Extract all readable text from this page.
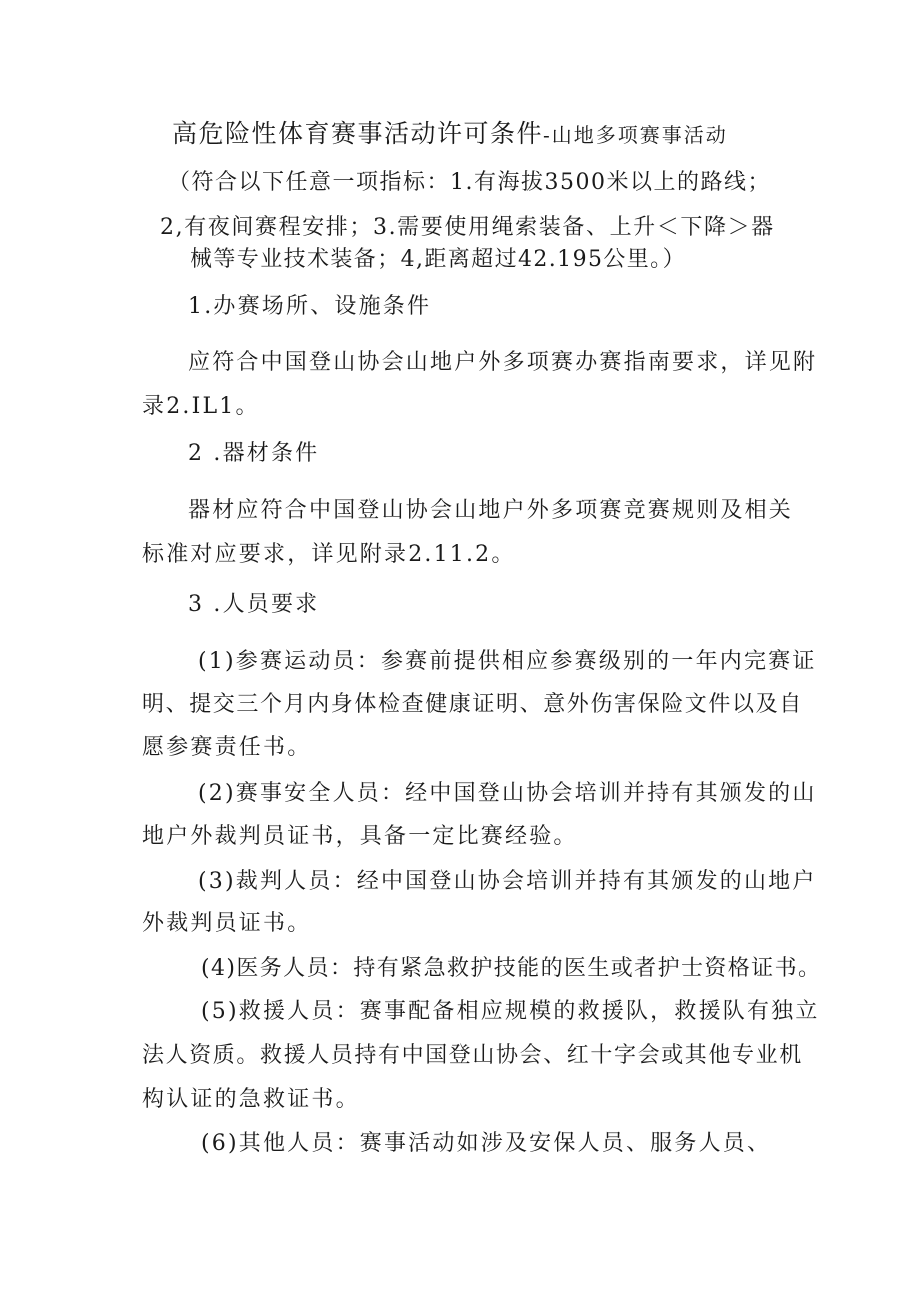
高危险性体育赛事活动许可条件-山地多项赛事活动
（符合以下任意一项指标：1.有海拔3500米以上的路线；
2,有夜间赛程安排；3.需要使用绳索装备、上升＜下降＞器
械等专业技术装备；4,距离超过42.195公里。）
1.办赛场所、设施条件
应符合中国登山协会山地户外多项赛办赛指南要求，详见附
录2.IL1。
2 .器材条件
器材应符合中国登山协会山地户外多项赛竞赛规则及相关
标准对应要求，详见附录2.11.2。
3 .人员要求
(1)参赛运动员：参赛前提供相应参赛级别的一年内完赛证
明、提交三个月内身体检查健康证明、意外伤害保险文件以及自
愿参赛责任书。
(2)赛事安全人员：经中国登山协会培训并持有其颁发的山
地户外裁判员证书，具备一定比赛经验。
(3)裁判人员：经中国登山协会培训并持有其颁发的山地户
外裁判员证书。
(4)医务人员：持有紧急救护技能的医生或者护士资格证书。
(5)救援人员：赛事配备相应规模的救援队，救援队有独立
法人资质。救援人员持有中国登山协会、红十字会或其他专业机
构认证的急救证书。
(6)其他人员：赛事活动如涉及安保人员、服务人员、
